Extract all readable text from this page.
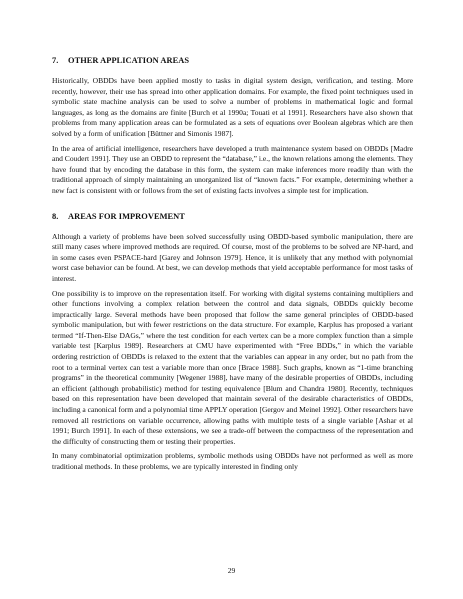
7. OTHER APPLICATION AREAS

Historically, OBDDs have been applied mostly to tasks in digital system design, verification, and testing. More recently, however, their use has spread into other application domains. For example, the fixed point techniques used in symbolic state machine analysis can be used to solve a number of problems in mathematical logic and formal languages, as long as the domains are finite [Burch et al 1990a; Touati et al 1991]. Researchers have also shown that problems from many application areas can be formulated as a sets of equations over Boolean algebras which are then solved by a form of unification [Büttner and Simonis 1987].

In the area of artificial intelligence, researchers have developed a truth maintenance system based on OBDDs [Madre and Coudert 1991]. They use an OBDD to represent the “database,” i.e., the known relations among the elements. They have found that by encoding the database in this form, the system can make inferences more readily than with the traditional approach of simply maintaining an unorganized list of “known facts.” For example, determining whether a new fact is consistent with or follows from the set of existing facts involves a simple test for implication.

8. AREAS FOR IMPROVEMENT

Although a variety of problems have been solved successfully using OBDD-based symbolic manipulation, there are still many cases where improved methods are required. Of course, most of the problems to be solved are NP-hard, and in some cases even PSPACE-hard [Garey and Johnson 1979]. Hence, it is unlikely that any method with polynomial worst case behavior can be found. At best, we can develop methods that yield acceptable performance for most tasks of interest.

One possibility is to improve on the representation itself. For working with digital systems containing multipliers and other functions involving a complex relation between the control and data signals, OBDDs quickly become impractically large. Several methods have been proposed that follow the same general principles of OBDD-based symbolic manipulation, but with fewer restrictions on the data structure. For example, Karplus has proposed a variant termed “If-Then-Else DAGs,” where the test condition for each vertex can be a more complex function than a simple variable test [Karplus 1989]. Researchers at CMU have experimented with “Free BDDs,” in which the variable ordering restriction of OBDDs is relaxed to the extent that the variables can appear in any order, but no path from the root to a terminal vertex can test a variable more than once [Brace 1988]. Such graphs, known as “1-time branching programs” in the theoretical community [Wegener 1988], have many of the desirable properties of OBDDs, including an efficient (although probabilistic) method for testing equivalence [Blum and Chandra 1980]. Recently, techniques based on this representation have been developed that maintain several of the desirable characteristics of OBDDs, including a canonical form and a polynomial time APPLY operation [Gergov and Meinel 1992]. Other researchers have removed all restrictions on variable occurrence, allowing paths with multiple tests of a single variable [Ashar et al 1991; Burch 1991]. In each of these extensions, we see a trade-off between the compactness of the representation and the difficulty of constructing them or testing their properties.

In many combinatorial optimization problems, symbolic methods using OBDDs have not performed as well as more traditional methods. In these problems, we are typically interested in finding only

29
